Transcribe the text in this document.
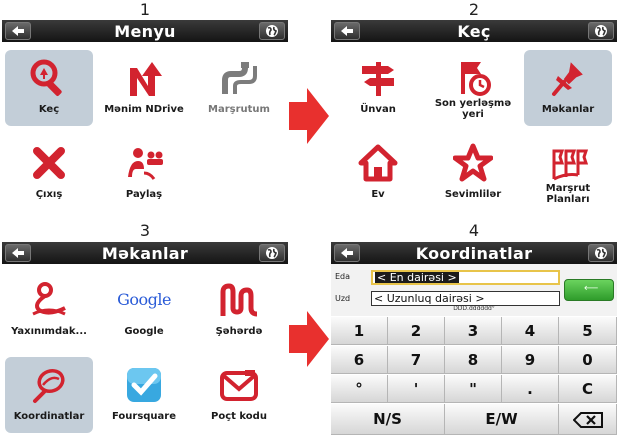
1	2
3	4
Menyu
Keç	Mənim NDrive	Marşrutum
Çıxış	Paylaş
Keç
Ünvan
Son yerləşmə
yeri	Məkanlar
Ev	Sevimlilər
Marşrut
Planları
Məkanlar
Yaxınımdak...
Google
Google	Şəhərdə
Koordinatlar	Foursquare	Poçt kodu
Koordinatlar
Eda	< En dairəsi >
Uzd < Uzunluq dairəsi >
⟵
DDD.dddddd°
1	2	3	4	5
6	7	8	9	0
°	'	"	.	C
N/S	E/W
